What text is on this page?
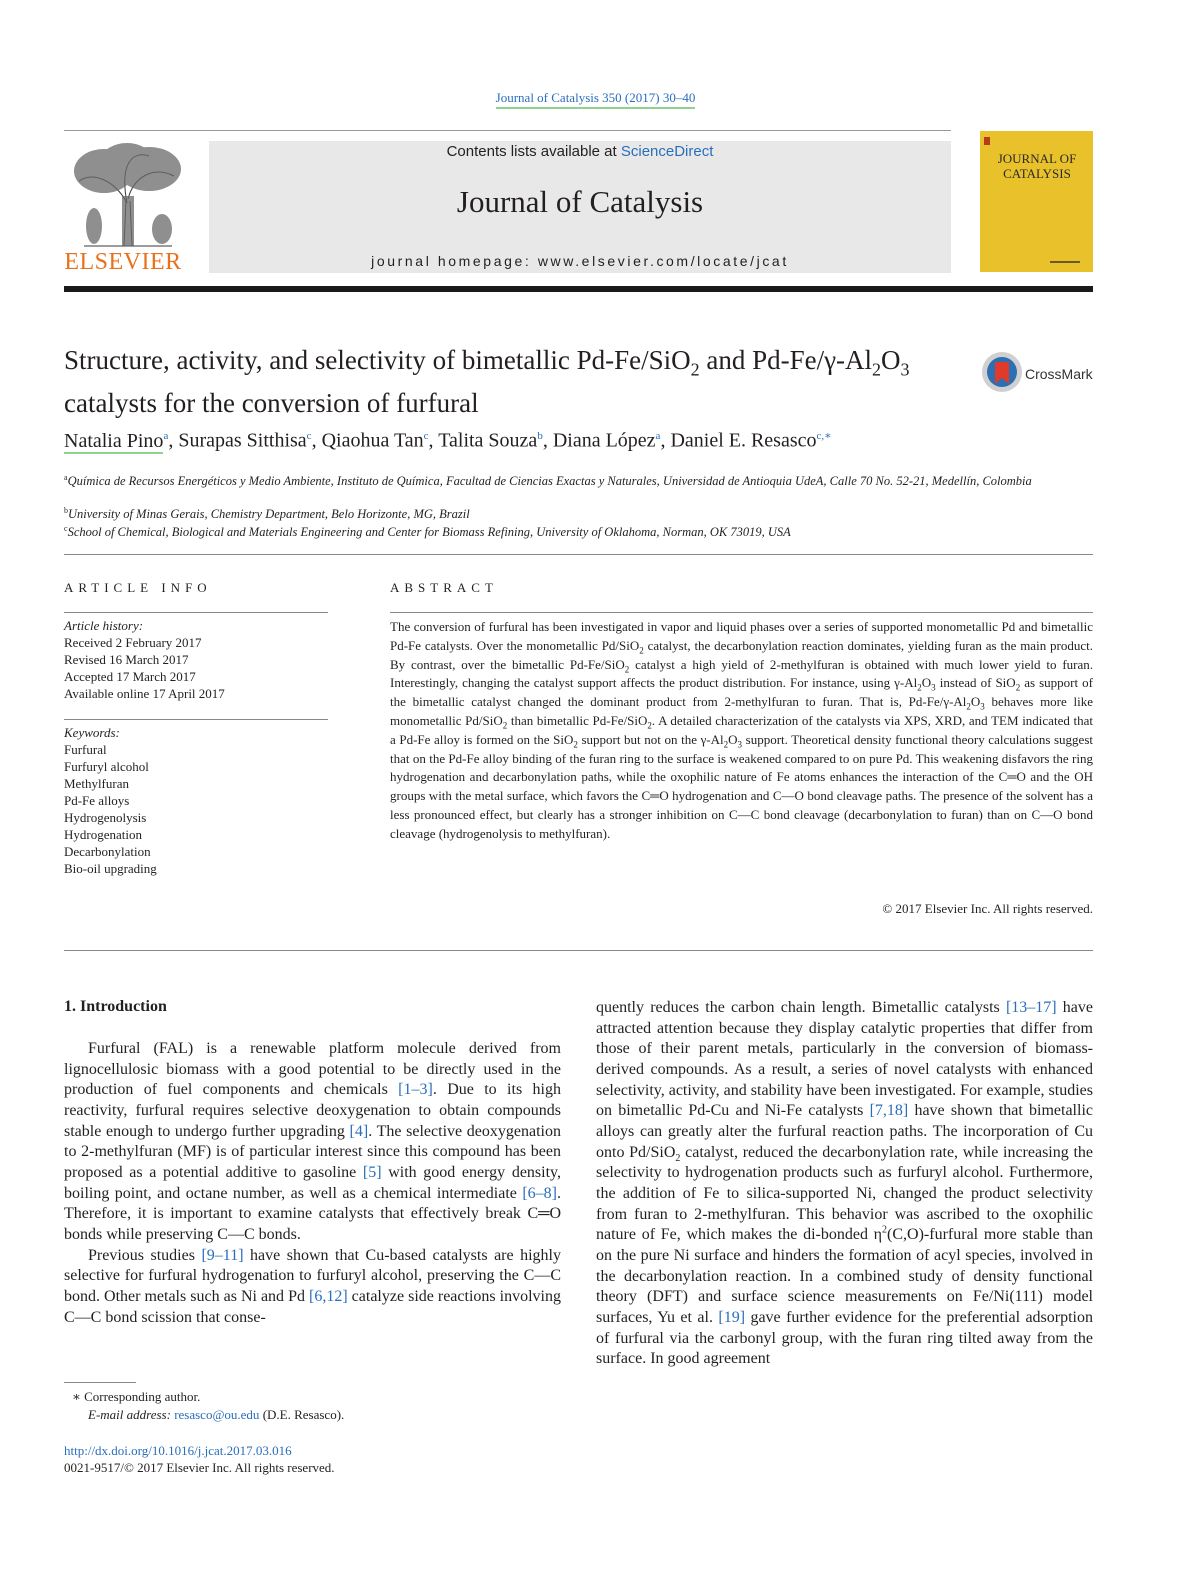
Journal of Catalysis 350 (2017) 30–40
ELSEVIER
Contents lists available at ScienceDirect
Journal of Catalysis
journal homepage: www.elsevier.com/locate/jcat
JOURNAL OF CATALYSIS
Structure, activity, and selectivity of bimetallic Pd-Fe/SiO$_2$ and $Pd-Fe/\gamma-Al_2O_3$ catalysts for the conversion of furfural
CrossMark
Natalia Pino$^a$, Surapas Sitthisa$^c$, Qiaohua Tan$^c$, Talita Souza$^b$, Diana López$^a$, Daniel E. Resasco$^{c,∗}$
$^a$Química de Recursos Energéticos y Medio Ambiente, Instituto de Química, Facultad de Ciencias Exactas y Naturales, Universidad de Antioquia UdeA, Calle 70 No. 52-21, Medellín, Colombia
$^b$University of Minas Gerais, Chemistry Department, Belo Horizonte, MG, Brazil
$^c$School of Chemical, Biological and Materials Engineering and Center for Biomass Refining, University of Oklahoma, Norman, OK 73019, USA
ARTICLE INFO	ABSTRACT
Article history:
Received 2 February 2017
Revised 16 March 2017
Accepted 17 March 2017
Available online 17 April 2017
Keywords:
Furfural
Furfuryl alcohol
Methylfuran
Pd-Fe alloys
Hydrogenolysis
Hydrogenation
Decarbonylation
Bio-oil upgrading
The conversion of furfural has been investigated in vapor and liquid phases over a series of supported monometallic Pd and bimetallic Pd-Fe catalysts. Over the monometallic Pd/SiO$_2$ catalyst, the decarbonylation reaction dominates, yielding furan as the main product. By contrast, over the bimetallic Pd-Fe/SiO$_2$ catalyst a high yield of 2-methylfuran is obtained with much lower yield to furan. Interestingly, changing the catalyst support affects the product distribution. For instance, using $\gamma-Al_2O_3$ instead of SiO$_2$ as support of the bimetallic catalyst changed the dominant product from 2-methylfuran to furan. That is, $Pd-Fe/\gamma-Al_2O_3$ behaves more like monometallic Pd/SiO$_2$ than bimetallic Pd-Fe/SiO$_2$. A detailed characterization of the catalysts via XPS, XRD, and TEM indicated that a Pd-Fe alloy is formed on the SiO$_2$ support but not on the $\gamma-Al_2O_3$ support. Theoretical density functional theory calculations suggest that on the Pd-Fe alloy binding of the furan ring to the surface is weakened compared to on pure Pd. This weakening disfavors the ring hydrogenation and decarbonylation paths, while the oxophilic nature of Fe atoms enhances the interaction of the C═O and the OH groups with the metal surface, which favors the C═O hydrogenation and C—O bond cleavage paths. The presence of the solvent has a less pronounced effect, but clearly has a stronger inhibition on C—C bond cleavage (decarbonylation to furan) than on C—O bond cleavage (hydrogenolysis to methylfuran).
© 2017 Elsevier Inc. All rights reserved.
1. Introduction

Furfural (FAL) is a renewable platform molecule derived from lignocellulosic biomass with a good potential to be directly used in the production of fuel components and chemicals [1–3]. Due to its high reactivity, furfural requires selective deoxygenation to obtain compounds stable enough to undergo further upgrading [4]. The selective deoxygenation to 2-methylfuran (MF) is of particular interest since this compound has been proposed as a potential additive to gasoline [5] with good energy density, boiling point, and octane number, as well as a chemical intermediate [6–8]. Therefore, it is important to examine catalysts that effectively break C═O bonds while preserving C—C bonds.

Previous studies [9–11] have shown that Cu-based catalysts are highly selective for furfural hydrogenation to furfuryl alcohol, preserving the C—C bond. Other metals such as Ni and Pd [6,12] catalyze side reactions involving C—C bond scission that conse-

quently reduces the carbon chain length. Bimetallic catalysts [13–17] have attracted attention because they display catalytic properties that differ from those of their parent metals, particularly in the conversion of biomass-derived compounds. As a result, a series of novel catalysts with enhanced selectivity, activity, and stability have been investigated. For example, studies on bimetallic Pd-Cu and Ni-Fe catalysts [7,18] have shown that bimetallic alloys can greatly alter the furfural reaction paths. The incorporation of Cu onto Pd/SiO$_2$ catalyst, reduced the decarbonylation rate, while increasing the selectivity to hydrogenation products such as furfuryl alcohol. Furthermore, the addition of Fe to silica-supported Ni, changed the product selectivity from furan to 2-methylfuran. This behavior was ascribed to the oxophilic nature of Fe, which makes the di-bonded $\eta^2(C,O)$-furfural more stable than on the pure Ni surface and hinders the formation of acyl species, involved in the decarbonylation reaction. In a combined study of density functional theory (DFT) and surface science measurements on Fe/Ni(111) model surfaces, Yu et al. [19] gave further evidence for the preferential adsorption of furfural via the carbonyl group, with the furan ring tilted away from the surface. In good agreement

∗ Corresponding author.
E-mail address: resasco@ou.edu (D.E. Resasco).
http://dx.doi.org/10.1016/j.jcat.2017.03.016
0021-9517/© 2017 Elsevier Inc. All rights reserved.
